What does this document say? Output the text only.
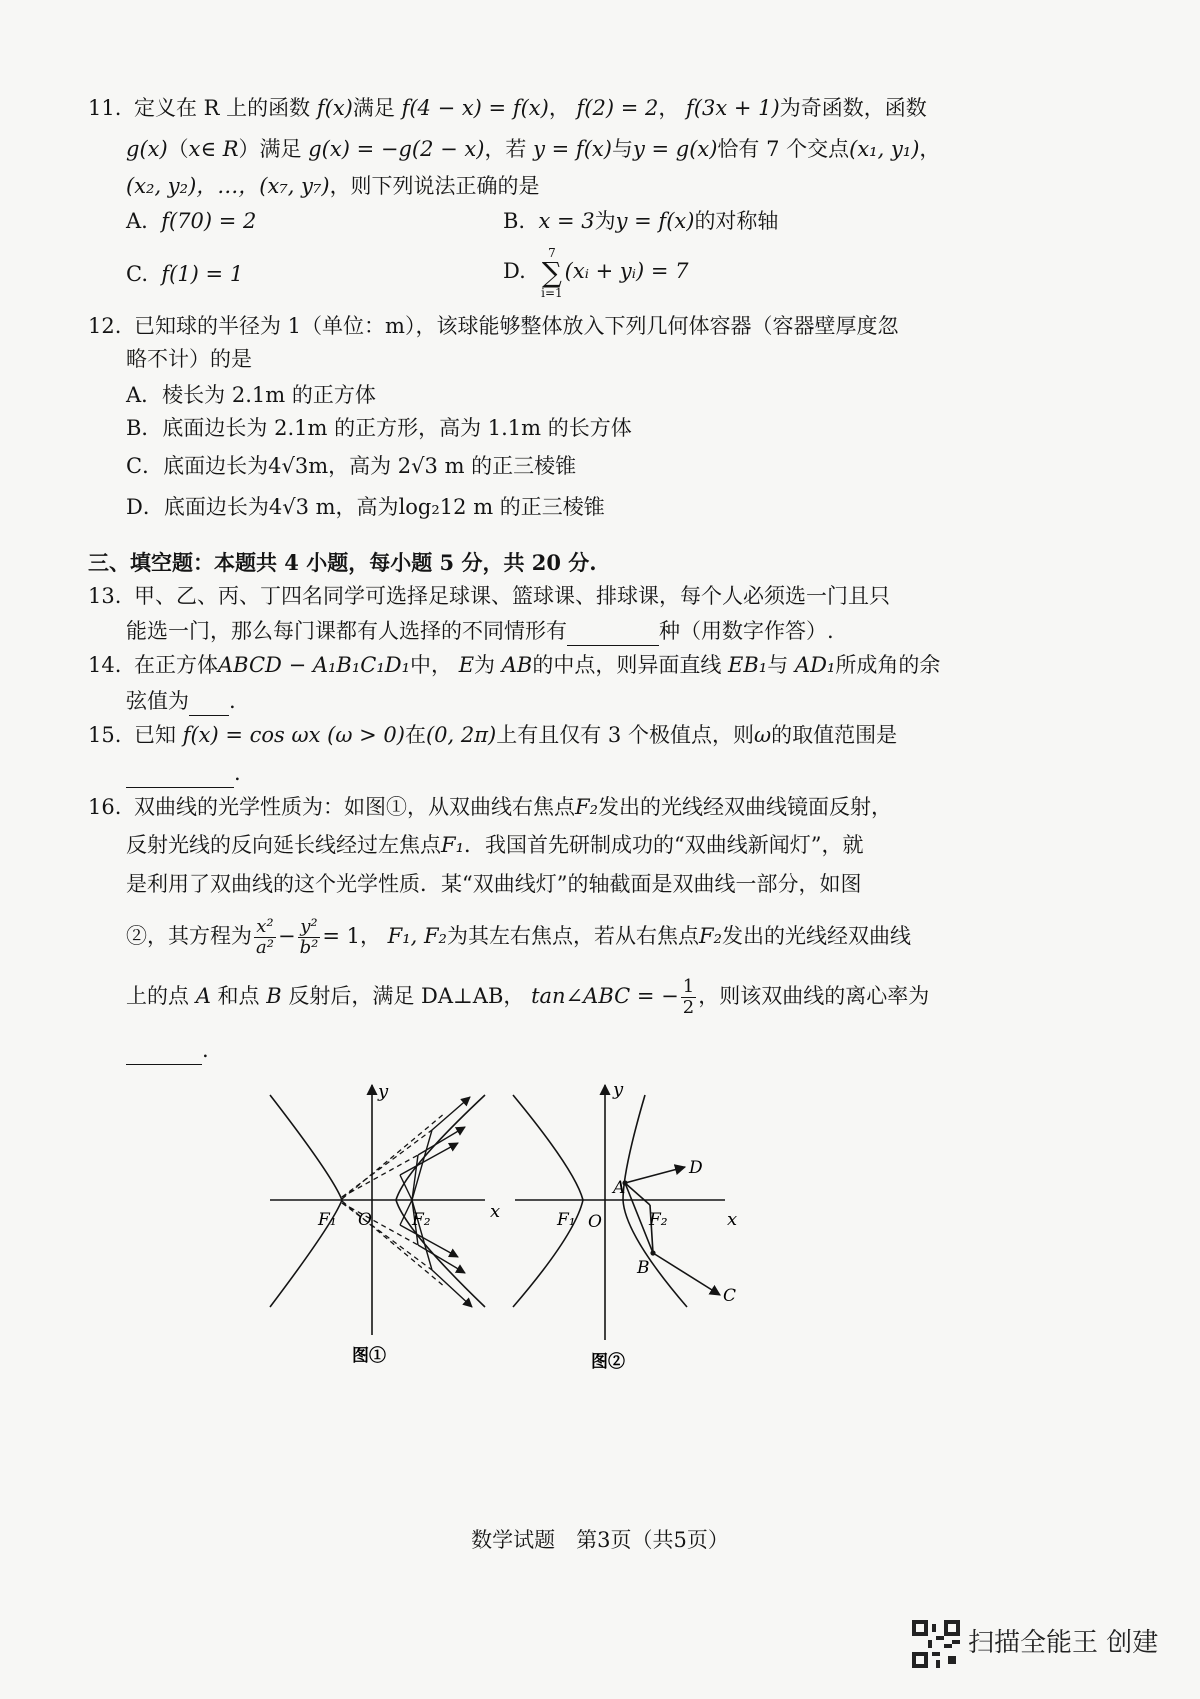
11. 定义在 R 上的函数 f(x)满足 f(4 − x) = f(x)， f(2) = 2， f(3x + 1)为奇函数，函数
g(x)（x∈ R）满足 g(x) = −g(2 − x)，若 y = f(x)与y = g(x)恰有 7 个交点(x₁, y₁)，
(x₂, y₂)，…，(x₇, y₇)，则下列说法正确的是
A. f(70) = 2	B. x = 3为y = f(x)的对称轴
C. f(1) = 1	D.  7
∑
i=1(xᵢ + yᵢ) = 7
12. 已知球的半径为 1（单位：m），该球能够整体放入下列几何体容器（容器壁厚度忽
略不计）的是
A．棱长为 2.1m 的正方体
B．底面边长为 2.1m 的正方形，高为 1.1m 的长方体
C．底面边长为4√3m，高为 2√3 m 的正三棱锥
D．底面边长为4√3 m，高为log₂12 m 的正三棱锥
三、填空题：本题共 4 小题，每小题 5 分，共 20 分.
13. 甲、乙、丙、丁四名同学可选择足球课、篮球课、排球课，每个人必须选一门且只
能选一门，那么每门课都有人选择的不同情形有	种（用数字作答）.
14. 在正方体ABCD − A₁B₁C₁D₁中， E为 AB的中点，则异面直线 EB₁与 AD₁所成角的余
弦值为 .
15. 已知 f(x) = cos ωx (ω > 0)在(0, 2π)上有且仅有 3 个极值点，则ω的取值范围是
.
16. 双曲线的光学性质为：如图①，从双曲线右焦点F₂发出的光线经双曲线镜面反射，
反射光线的反向延长线经过左焦点F₁．我国首先研制成功的“双曲线新闻灯”，就
是利用了双曲线的这个光学性质．某“双曲线灯”的轴截面是双曲线一部分，如图
②，其方程为 $\frac{\text{x²}}{\text{a²}} - \frac{\text{y²}}{\text{b²}} = 1$， F₁, F₂为其左右焦点，若从右焦点F₂发出的光线经双曲线
上的点 A 和点 B 反射后，满足 DA⊥AB， tan∠ABC = − $\frac{1}{2}$ ，则该双曲线的离心率为
.
y
x
F₁ O F₂
图①
y
x
F₁ O	F₂
A
B
C
D
图②
数学试题　第3页（共5页）
扫描全能王 创建
